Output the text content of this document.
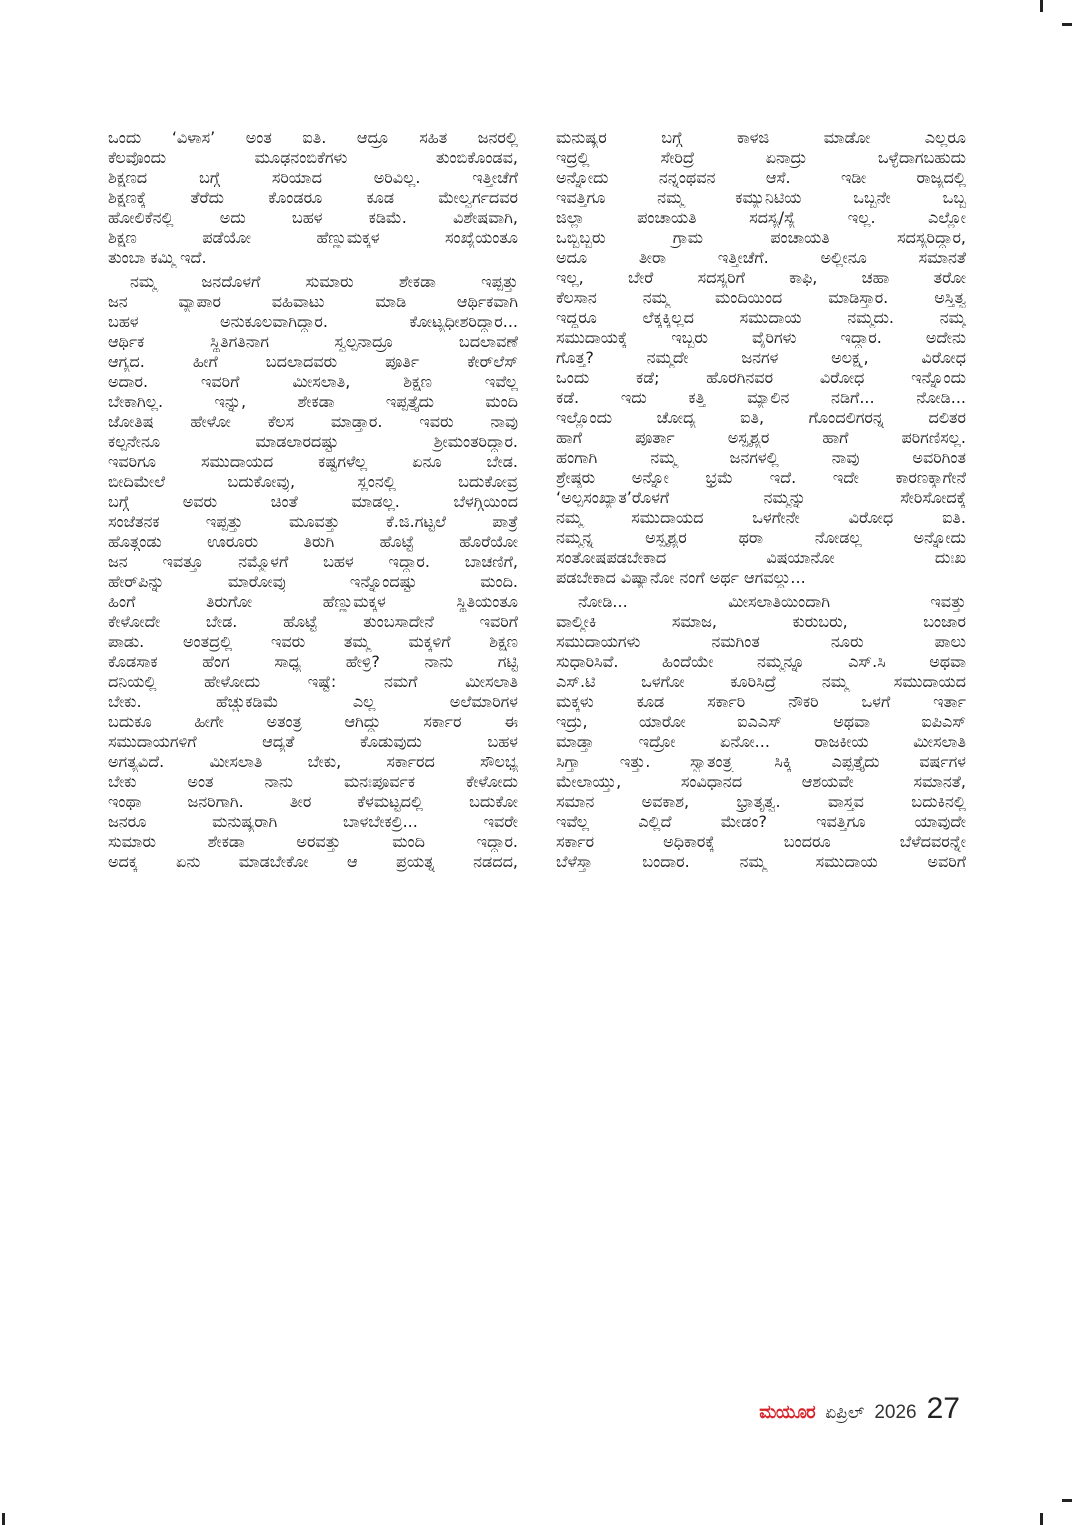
ಒಂದು ‘ವಿಳಾಸ’ ಅಂತ ಐತಿ. ಆದ್ರೂ ಸಹಿತ ಜನರಲ್ಲಿ
ಕೆಲವೊಂದು ಮೂಢನಂಬಿಕೆಗಳು ತುಂಬಿಕೊಂಡವ,
ಶಿಕ್ಷಣದ ಬಗ್ಗೆ ಸರಿಯಾದ ಅರಿವಿಲ್ಲ. ಇತ್ತೀಚೆಗೆ
ಶಿಕ್ಷಣಕ್ಕೆ ತೆರೆದು ಕೊಂಡರೂ ಕೂಡ ಮೇಲ್ವರ್ಗದವರ
ಹೋಲಿಕೆನಲ್ಲಿ ಅದು ಬಹಳ ಕಡಿಮೆ. ವಿಶೇಷವಾಗಿ,
ಶಿಕ್ಷಣ ಪಡೆಯೋ ಹೆಣ್ಣುಮಕ್ಕಳ ಸಂಖ್ಯೆಯಂತೂ
ತುಂಬಾ ಕಮ್ಮಿ ಇದೆ.
ನಮ್ಮ ಜನದೊಳಗೆ ಸುಮಾರು ಶೇಕಡಾ ಇಪ್ಪತ್ತು
ಜನ ವ್ಯಾಪಾರ ವಹಿವಾಟು ಮಾಡಿ ಆರ್ಥಿಕವಾಗಿ
ಬಹಳ ಅನುಕೂಲವಾಗಿದ್ದಾರ. ಕೋಟ್ಯಧೀಶರಿದ್ದಾರ...
ಆರ್ಥಿಕ ಸ್ಥಿತಿಗತಿನಾಗ ಸ್ವಲ್ಪನಾದ್ರೂ ಬದಲಾವಣೆ
ಆಗ್ಯದ. ಹೀಗೆ ಬದಲಾದವರು ಪೂರ್ತಿ ಕೇರ್‌ಲೆಸ್
ಅದಾರ. ಇವರಿಗೆ ಮೀಸಲಾತಿ, ಶಿಕ್ಷಣ ಇವೆಲ್ಲ
ಬೇಕಾಗಿಲ್ಲ. ಇನ್ನು, ಶೇಕಡಾ ಇಪ್ಪತ್ತೈದು ಮಂದಿ
ಜೋತಿಷ ಹೇಳೋ ಕೆಲಸ ಮಾಡ್ತಾರ. ಇವರು ನಾವು
ಕಲ್ಪನೇನೂ ಮಾಡಲಾರದಷ್ಟು ಶ್ರೀಮಂತರಿದ್ದಾರ.
ಇವರಿಗೂ ಸಮುದಾಯದ ಕಷ್ಟಗಳೆಲ್ಲ ಏನೂ ಬೇಡ.
ಬೀದಿಮೇಲೆ ಬದುಕೋವ್ರು, ಸ್ಲಂನಲ್ಲಿ ಬದುಕೋವ್ರ
ಬಗ್ಗೆ ಅವರು ಚಿಂತೆ ಮಾಡಲ್ಲ. ಬೆಳಗ್ಗಿಯಿಂದ
ಸಂಜೆತನಕ ಇಪ್ಪತ್ತು ಮೂವತ್ತು ಕೆ.ಜಿ.ಗಟ್ಟಲೆ ಪಾತ್ರೆ
ಹೊತ್ಗಂಡು ಊರೂರು ತಿರುಗಿ ಹೊಟ್ಟೆ ಹೊರೆಯೋ
ಜನ ಇವತ್ತೂ ನಮ್ಮೊಳಗೆ ಬಹಳ ಇದ್ದಾರ. ಬಾಚಣಿಗೆ,
ಹೇರ್‌ಪಿನ್ನು ಮಾರೋವ್ರು ಇನ್ನೊಂದಷ್ಟು ಮಂದಿ.
ಹಿಂಗೆ ತಿರುಗೋ ಹೆಣ್ಣುಮಕ್ಕಳ ಸ್ಥಿತಿಯಂತೂ
ಕೇಳೋದೇ ಬೇಡ. ಹೊಟ್ಟೆ ತುಂಬಸಾದೇನೆ ಇವರಿಗೆ
ಪಾಡು. ಅಂತದ್ರಲ್ಲಿ ಇವರು ತಮ್ಮ ಮಕ್ಕಳಿಗೆ ಶಿಕ್ಷಣ
ಕೊಡಸಾಕ ಹೆಂಗ ಸಾಧ್ಯ ಹೇಳ್ರಿ? ನಾನು ಗಟ್ಟಿ
ದನಿಯಲ್ಲಿ ಹೇಳೋದು ಇಷ್ಟೆ: ನಮಗೆ ಮೀಸಲಾತಿ
ಬೇಕು. ಹೆಚ್ಚುಕಡಿಮೆ ಎಲ್ಲ ಅಲೆಮಾರಿಗಳ
ಬದುಕೂ ಹೀಗೇ ಅತಂತ್ರ ಆಗಿದ್ದು ಸರ್ಕಾರ ಈ
ಸಮುದಾಯಗಳಿಗೆ ಆದ್ಯತೆ ಕೊಡುವುದು ಬಹಳ
ಅಗತ್ಯವಿದೆ. ಮೀಸಲಾತಿ ಬೇಕು, ಸರ್ಕಾರದ ಸೌಲಭ್ಯ
ಬೇಕು ಅಂತ ನಾನು ಮನಃಪೂರ್ವಕ ಕೇಳೋದು
ಇಂಥಾ ಜನರಿಗಾಗಿ. ತೀರ ಕೆಳಮಟ್ಟದಲ್ಲಿ ಬದುಕೋ
ಜನರೂ ಮನುಷ್ಯರಾಗಿ ಬಾಳಬೇಕಲ್ರಿ... ಇವರೇ
ಸುಮಾರು ಶೇಕಡಾ ಅರವತ್ತು ಮಂದಿ ಇದ್ದಾರ.
ಅದಕ್ಕ ಏನು ಮಾಡಬೇಕೋ ಆ ಪ್ರಯತ್ನ ನಡದದ,
ಮನುಷ್ಯರ ಬಗ್ಗೆ ಕಾಳಜಿ ಮಾಡೋ ಎಲ್ಲರೂ
ಇದ್ರಲ್ಲಿ ಸೇರಿದ್ರೆ ಏನಾದ್ರು ಒಳ್ಳೆದಾಗಬಹುದು
ಅನ್ನೋದು ನನ್ನಂಥವನ ಆಸೆ. ಇಡೀ ರಾಜ್ಯದಲ್ಲಿ
ಇವತ್ತಿಗೂ ನಮ್ಮ ಕಮ್ಯುನಿಟಿಯ ಒಬ್ಬನೇ ಒಬ್ಬ
ಜಿಲ್ಲಾ ಪಂಚಾಯತಿ ಸದಸ್ಯ/ಸ್ಯೆ ಇಲ್ಲ. ಎಲ್ಲೋ
ಒಬ್ಬಿಬ್ಬರು ಗ್ರಾಮ ಪಂಚಾಯತಿ ಸದಸ್ಯರಿದ್ದಾರ,
ಅದೂ ತೀರಾ ಇತ್ತೀಚೆಗೆ. ಅಲ್ಲೀನೂ ಸಮಾನತೆ
ಇಲ್ಲ, ಬೇರೆ ಸದಸ್ಯರಿಗೆ ಕಾಫಿ, ಚಹಾ ತರೋ
ಕೆಲಸಾನ ನಮ್ಮ ಮಂದಿಯಿಂದ ಮಾಡಿಸ್ತಾರ. ಅಸ್ತಿತ್ವ
ಇದ್ದರೂ ಲೆಕ್ಕಕ್ಕಿಲ್ಲದ ಸಮುದಾಯ ನಮ್ಮದು. ನಮ್ಮ
ಸಮುದಾಯಕ್ಕೆ ಇಬ್ಬರು ವೈರಿಗಳು ಇದ್ದಾರ. ಅದೇನು
ಗೊತ್ತ? ನಮ್ಮದೇ ಜನಗಳ ಅಲಕ್ಷ್ಯ, ವಿರೋಧ
ಒಂದು ಕಡೆ; ಹೊರಗಿನವರ ವಿರೋಧ ಇನ್ನೊಂದು
ಕಡೆ. ಇದು ಕತ್ತಿ ಮ್ಯಾಲಿನ ನಡಿಗೆ... ನೋಡಿ...
ಇಲ್ಲೊಂದು ಚೋದ್ಯ ಐತಿ, ಗೊಂದಲಿಗರನ್ನ ದಲಿತರ
ಹಾಗೆ ಪೂರ್ತಾ ಅಸ್ಪೃಶ್ಯರ ಹಾಗೆ ಪರಿಗಣಿಸಲ್ಲ.
ಹಂಗಾಗಿ ನಮ್ಮ ಜನಗಳಲ್ಲಿ ನಾವು ಅವರಿಗಿಂತ
ಶ್ರೇಷ್ಠರು ಅನ್ನೋ ಭ್ರಮೆ ಇದೆ. ಇದೇ ಕಾರಣಕ್ಕಾಗೇನೆ
‘ಅಲ್ಪಸಂಖ್ಯಾತ’ರೊಳಗೆ ನಮ್ಮನ್ನು ಸೇರಿಸೋದಕ್ಕೆ
ನಮ್ಮ ಸಮುದಾಯದ ಒಳಗೇನೇ ವಿರೋಧ ಐತಿ.
ನಮ್ಮನ್ನ ಅಸ್ಪೃಶ್ಯರ ಥರಾ ನೋಡಲ್ಲ ಅನ್ನೋದು
ಸಂತೋಷಪಡಬೇಕಾದ ವಿಷಯಾನೋ ದುಃಖ
ಪಡಬೇಕಾದ ವಿಷ್ಯಾನೋ ನಂಗೆ ಅರ್ಥ ಆಗವಲ್ದು...
ನೋಡಿ... ಮೀಸಲಾತಿಯಿಂದಾಗಿ ಇವತ್ತು
ವಾಲ್ಮೀಕಿ ಸಮಾಜ, ಕುರುಬರು, ಬಂಜಾರ
ಸಮುದಾಯಗಳು ನಮಗಿಂತ ನೂರು ಪಾಲು
ಸುಧಾರಿಸಿವೆ. ಹಿಂದೆಯೇ ನಮ್ಮನ್ನೂ ಎಸ್.ಸಿ ಅಥವಾ
ಎಸ್.ಟಿ ಒಳಗೋ ಕೂರಿಸಿದ್ರೆ ನಮ್ಮ ಸಮುದಾಯದ
ಮಕ್ಕಳು ಕೂಡ ಸರ್ಕಾರಿ ನೌಕರಿ ಒಳಗೆ ಇರ್ತಾ
ಇದ್ರು, ಯಾರೋ ಐಎಎಸ್ ಅಥವಾ ಐಪಿಎಸ್
ಮಾಡ್ತಾ ಇದ್ರೋ ಏನೋ... ರಾಜಕೀಯ ಮೀಸಲಾತಿ
ಸಿಗ್ತಾ ಇತ್ತು. ಸ್ವಾತಂತ್ರ್ಯ ಸಿಕ್ಕಿ ಎಪ್ಪತ್ತೈದು ವರ್ಷಗಳ
ಮೇಲಾಯ್ತು, ಸಂವಿಧಾನದ ಆಶಯವೇ ಸಮಾನತೆ,
ಸಮಾನ ಅವಕಾಶ, ಭ್ರಾತೃತ್ವ. ವಾಸ್ತವ ಬದುಕಿನಲ್ಲಿ
ಇವೆಲ್ಲ ಎಲ್ಲಿದೆ ಮೇಡಂ? ಇವತ್ತಿಗೂ ಯಾವುದೇ
ಸರ್ಕಾರ ಅಧಿಕಾರಕ್ಕೆ ಬಂದರೂ ಬೆಳೆದವರನ್ನೇ
ಬೆಳೆಸ್ತಾ ಬಂದಾರ. ನಮ್ಮ ಸಮುದಾಯ ಅವರಿಗೆ
ಮಯೂರ ಏಪ್ರಿಲ್ 2026 27
